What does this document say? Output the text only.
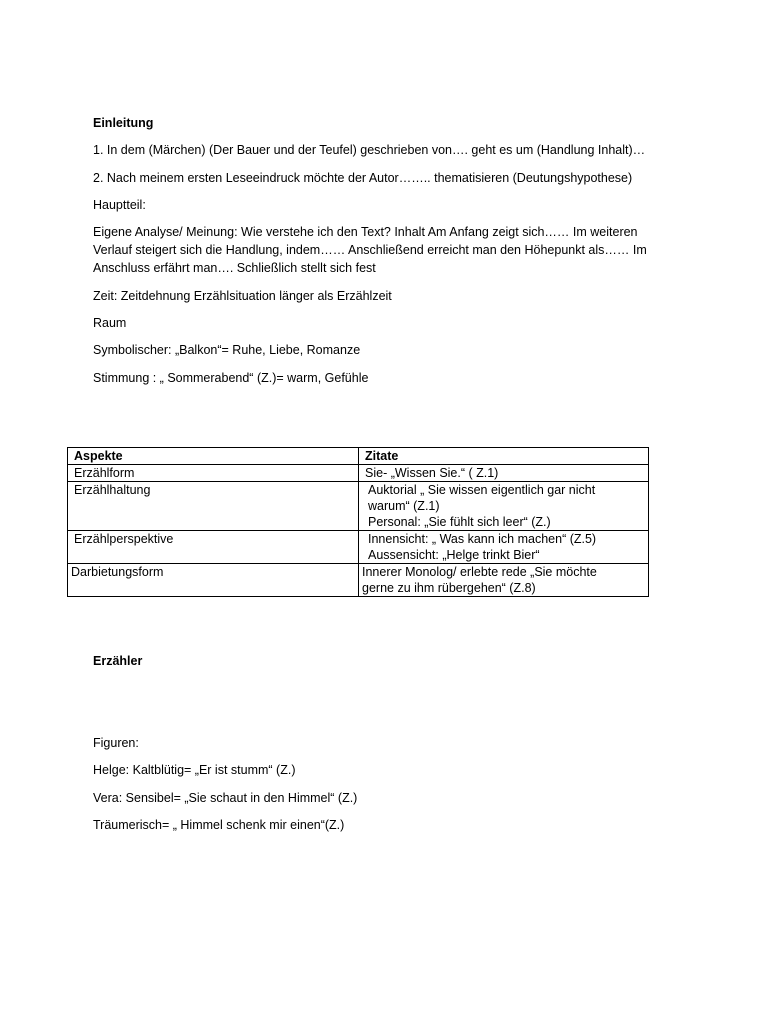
Einleitung
1. In dem (Märchen) (Der Bauer und der Teufel) geschrieben von…. geht es um (Handlung Inhalt)…
2. Nach meinem ersten Leseeindruck möchte der Autor…….. thematisieren (Deutungshypothese)
Hauptteil:
Eigene Analyse/ Meinung: Wie verstehe ich den Text? Inhalt Am Anfang zeigt sich…… Im weiteren Verlauf steigert sich die Handlung, indem…… Anschließend erreicht man den Höhepunkt als…… Im Anschluss erfährt man…. Schließlich stellt sich fest
Zeit: Zeitdehnung Erzählsituation länger als Erzählzeit
Raum
Symbolischer: „Balkon“= Ruhe, Liebe, Romanze
Stimmung : „ Sommerabend“ (Z.)= warm, Gefühle
Aspekte	Zitate
Erzählform	Sie- „Wissen Sie.“ ( Z.1)

Erzählhaltung	Auktorial „ Sie wissen eigentlich gar nicht
warum“ (Z.1)
Personal: „Sie fühlt sich leer“ (Z.)

Erzählperspektive	Innensicht: „ Was kann ich machen“ (Z.5)
Aussensicht: „Helge trinkt Bier“

Darbietungsform	Innerer Monolog/ erlebte rede „Sie möchte
gerne zu ihm rübergehen“ (Z.8)
Erzähler
Figuren:
Helge: Kaltblütig= „Er ist stumm“ (Z.)
Vera: Sensibel= „Sie schaut in den Himmel“ (Z.)
Träumerisch= „ Himmel schenk mir einen“(Z.)
